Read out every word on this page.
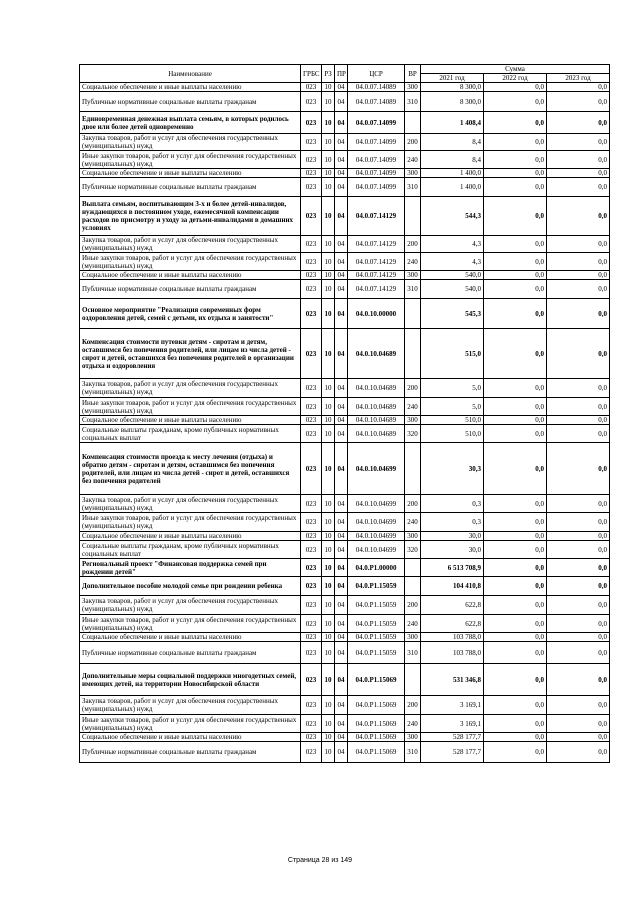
Наименование	ГРБС	РЗ	ПР	ЦСР	ВР	Сумма		
						2021 год	2022 год	2023 год
Социальное обеспечение и иные выплаты населению	023	10	04	04.0.07.14089	300	8 300,0	0,0	0,0
Публичные нормативные социальные выплаты гражданам	023	10	04	04.0.07.14089	310	8 300,0	0,0	0,0
Единовременная денежная выплата семьям, в которых родилось двое или более детей одновременно	023	10	04	04.0.07.14099		1 408,4	0,0	0,0
Закупка товаров, работ и услуг для обеспечения государственных (муниципальных) нужд	023	10	04	04.0.07.14099	200	8,4	0,0	0,0
Иные закупки товаров, работ и услуг для обеспечения государственных (муниципальных) нужд	023	10	04	04.0.07.14099	240	8,4	0,0	0,0
Социальное обеспечение и иные выплаты населению	023	10	04	04.0.07.14099	300	1 400,0	0,0	0,0
Публичные нормативные социальные выплаты гражданам	023	10	04	04.0.07.14099	310	1 400,0	0,0	0,0
Выплата семьям, воспитывающим 3-х и более детей-инвалидов, нуждающихся в постоянном уходе, ежемесячной компенсации расходов по присмотру и уходу за детьми-инвалидами в домашних условиях	023	10	04	04.0.07.14129		544,3	0,0	0,0
Закупка товаров, работ и услуг для обеспечения государственных (муниципальных) нужд	023	10	04	04.0.07.14129	200	4,3	0,0	0,0
Иные закупки товаров, работ и услуг для обеспечения государственных (муниципальных) нужд	023	10	04	04.0.07.14129	240	4,3	0,0	0,0
Социальное обеспечение и иные выплаты населению	023	10	04	04.0.07.14129	300	540,0	0,0	0,0
Публичные нормативные социальные выплаты гражданам	023	10	04	04.0.07.14129	310	540,0	0,0	0,0
Основное мероприятие "Реализация современных форм оздоровления детей, семей с детьми, их отдыха и занятости"	023	10	04	04.0.10.00000		545,3	0,0	0,0
Компенсация стоимости путевки детям - сиротам и детям, оставшимся без попечения родителей, или лицам из числа детей - сирот и детей, оставшихся без попечения родителей в организации отдыха и оздоровления	023	10	04	04.0.10.04689		515,0	0,0	0,0
Закупка товаров, работ и услуг для обеспечения государственных (муниципальных) нужд	023	10	04	04.0.10.04689	200	5,0	0,0	0,0
Иные закупки товаров, работ и услуг для обеспечения государственных (муниципальных) нужд	023	10	04	04.0.10.04689	240	5,0	0,0	0,0
Социальное обеспечение и иные выплаты населению	023	10	04	04.0.10.04689	300	510,0	0,0	0,0
Социальные выплаты гражданам, кроме публичных нормативных социальных выплат	023	10	04	04.0.10.04689	320	510,0	0,0	0,0
Компенсация стоимости проезда к месту лечения (отдыха) и обратно детям - сиротам и детям, оставшимся без попечения родителей, или лицам из числа детей - сирот и детей, оставшихся без попечения родителей	023	10	04	04.0.10.04699		30,3	0,0	0,0
Закупка товаров, работ и услуг для обеспечения государственных (муниципальных) нужд	023	10	04	04.0.10.04699	200	0,3	0,0	0,0
Иные закупки товаров, работ и услуг для обеспечения государственных (муниципальных) нужд	023	10	04	04.0.10.04699	240	0,3	0,0	0,0
Социальное обеспечение и иные выплаты населению	023	10	04	04.0.10.04699	300	30,0	0,0	0,0
Социальные выплаты гражданам, кроме публичных нормативных социальных выплат	023	10	04	04.0.10.04699	320	30,0	0,0	0,0
Региональный проект "Финансовая поддержка семей при рождении детей"	023	10	04	04.0.P1.00000		6 513 708,9	0,0	0,0
Дополнительное пособие молодой семье при рождении ребенка	023	10	04	04.0.P1.15059		104 410,8	0,0	0,0
Закупка товаров, работ и услуг для обеспечения государственных (муниципальных) нужд	023	10	04	04.0.P1.15059	200	622,8	0,0	0,0
Иные закупки товаров, работ и услуг для обеспечения государственных (муниципальных) нужд	023	10	04	04.0.P1.15059	240	622,8	0,0	0,0
Социальное обеспечение и иные выплаты населению	023	10	04	04.0.P1.15059	300	103 788,0	0,0	0,0
Публичные нормативные социальные выплаты гражданам	023	10	04	04.0.P1.15059	310	103 788,0	0,0	0,0
Дополнительные меры социальной поддержки многодетных семей, имеющих детей, на территории Новосибирской области	023	10	04	04.0.P1.15069		531 346,8	0,0	0,0
Закупка товаров, работ и услуг для обеспечения государственных (муниципальных) нужд	023	10	04	04.0.P1.15069	200	3 169,1	0,0	0,0
Иные закупки товаров, работ и услуг для обеспечения государственных (муниципальных) нужд	023	10	04	04.0.P1.15069	240	3 169,1	0,0	0,0
Социальное обеспечение и иные выплаты населению	023	10	04	04.0.P1.15069	300	528 177,7	0,0	0,0
Публичные нормативные социальные выплаты гражданам	023	10	04	04.0.P1.15069	310	528 177,7	0,0	0,0
Страница 28 из 149
